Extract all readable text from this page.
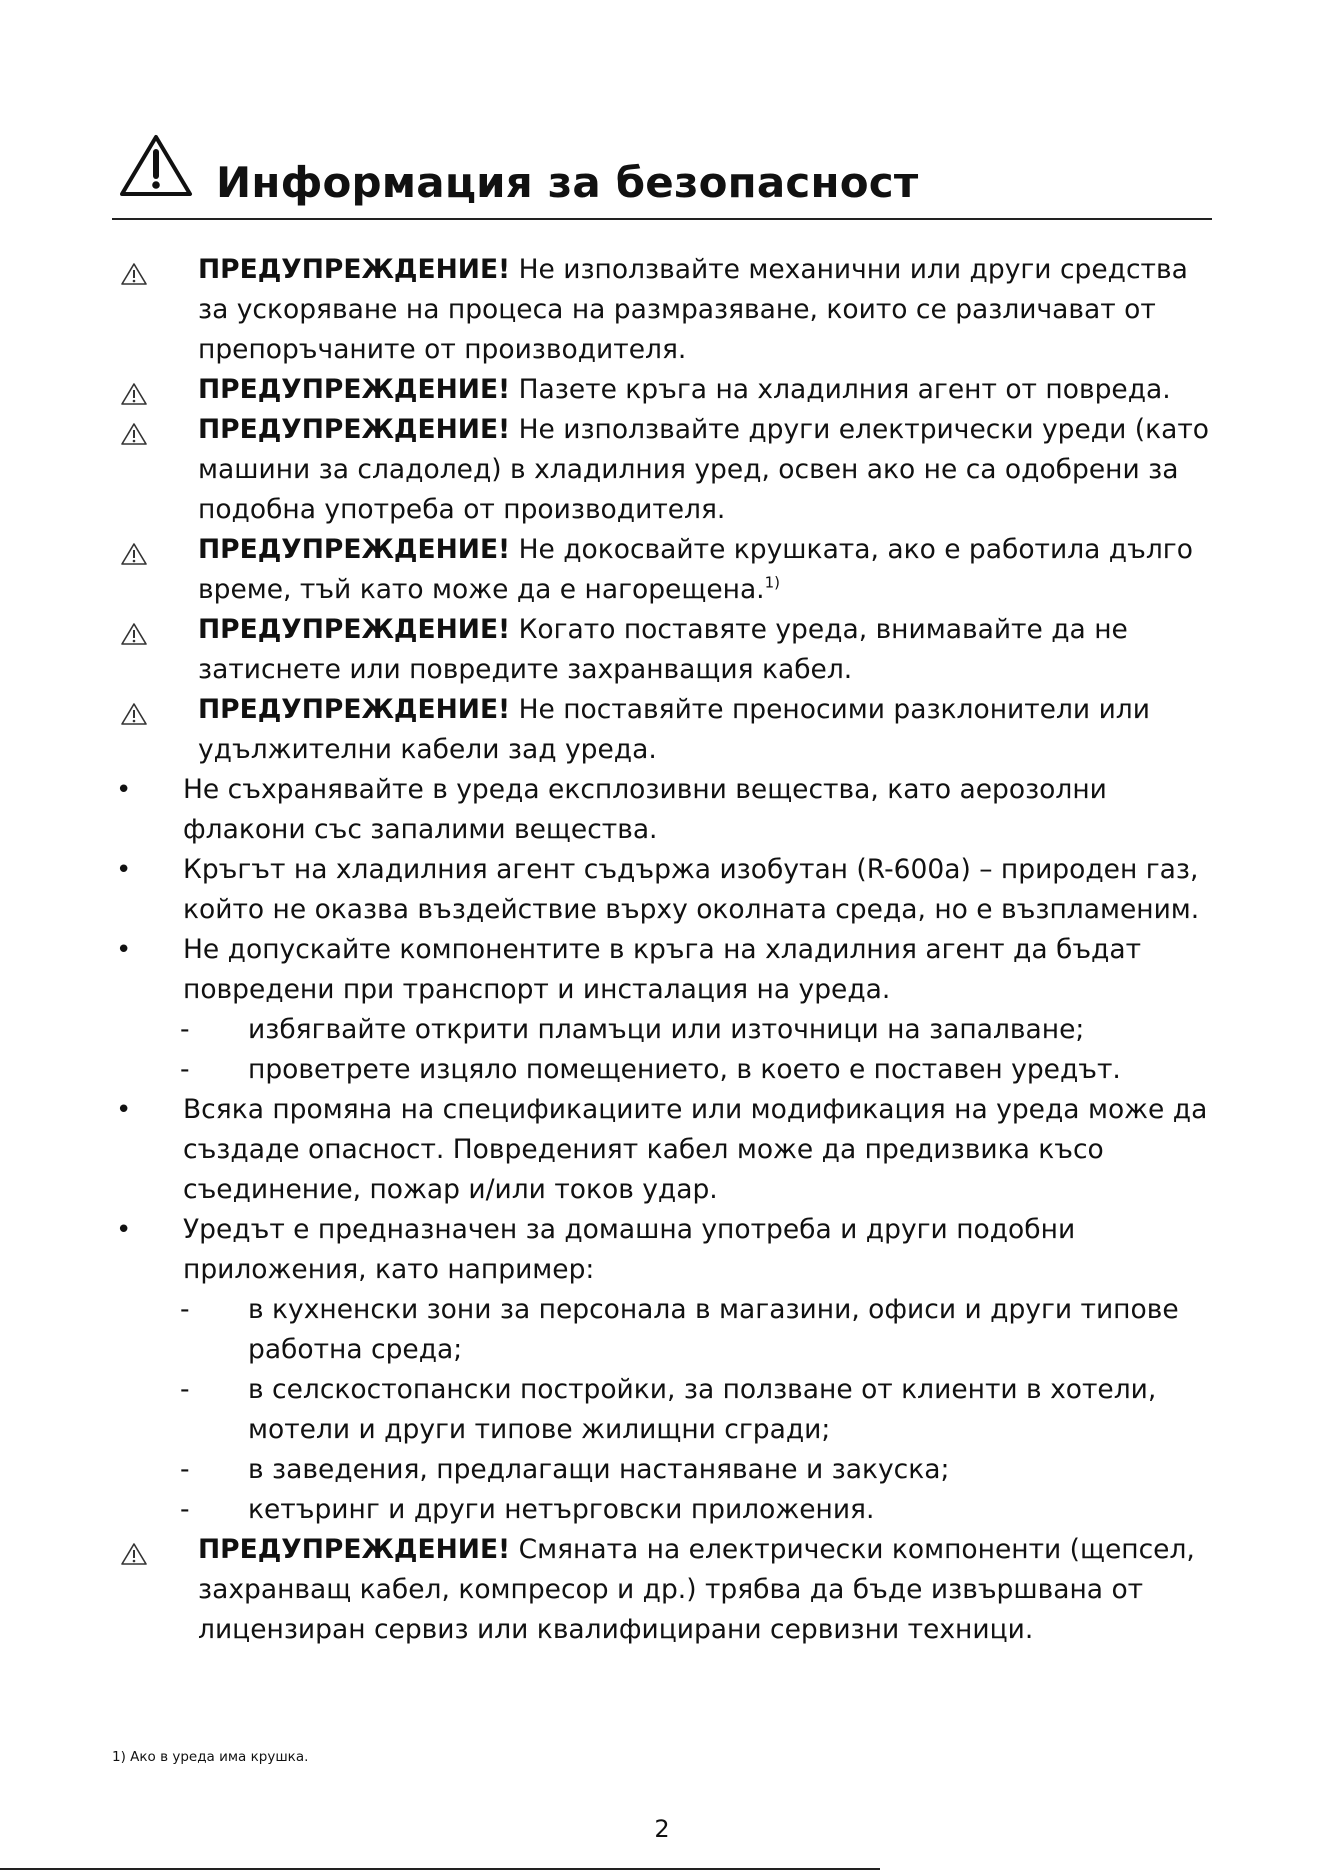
Информация за безопасност
ПРЕДУПРЕЖДЕНИЕ! Не използвайте механични или други средства за ускоряване на процеса на размразяване, които се различават от препоръчаните от производителя.
ПРЕДУПРЕЖДЕНИЕ! Пазете кръга на хладилния агент от повреда.
ПРЕДУПРЕЖДЕНИЕ! Не използвайте други електрически уреди (като машини за сладолед) в хладилния уред, освен ако не са одобрени за подобна употреба от производителя.
ПРЕДУПРЕЖДЕНИЕ! Не докосвайте крушката, ако е работила дълго време, тъй като може да е нагорещена.$^{1)}$
ПРЕДУПРЕЖДЕНИЕ! Когато поставяте уреда, внимавайте да не затиснете или повредите захранващия кабел.
ПРЕДУПРЕЖДЕНИЕ! Не поставяйте преносими разклонители или удължителни кабели зад уреда.
• Не съхранявайте в уреда експлозивни вещества, като аерозолни флакони със запалими вещества.
• Кръгът на хладилния агент съдържа изобутан (R-600a) – природен газ, който не оказва въздействие върху околната среда, но е възпламеним.
• Не допускайте компонентите в кръга на хладилния агент да бъдат повредени при транспорт и инсталация на уреда.
- избягвайте открити пламъци или източници на запалване;
- проветрете изцяло помещението, в което е поставен уредът.
• Всяка промяна на спецификациите или модификация на уреда може да създаде опасност. Повреденият кабел може да предизвика късо съединение, пожар и/или токов удар.
• Уредът е предназначен за домашна употреба и други подобни приложения, като например:
- в кухненски зони за персонала в магазини, офиси и други типове работна среда;
- в селскостопански постройки, за ползване от клиенти в хотели, мотели и други типове жилищни сгради;
- в заведения, предлагащи настаняване и закуска;
- кетъринг и други нетърговски приложения.
ПРЕДУПРЕЖДЕНИЕ! Смяната на електрически компоненти (щепсел, захранващ кабел, компресор и др.) трябва да бъде извършвана от лицензиран сервиз или квалифицирани сервизни техници.
1) Ако в уреда има крушка.
2
